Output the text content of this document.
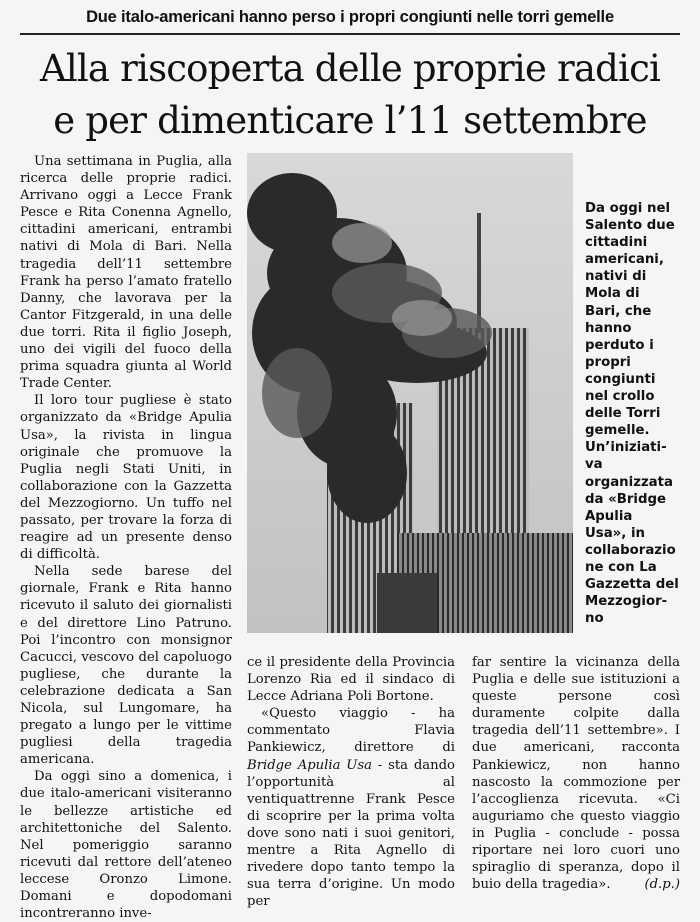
Due italo-americani hanno perso i propri congiunti nelle torri gemelle
Alla riscoperta delle proprie radici
e per dimenticare l’11 settembre

Una settimana in Puglia, alla ricerca delle proprie radici. Arrivano oggi a Lecce Frank Pesce e Rita Conenna Agnello, cittadini americani, entrambi nativi di Mola di Bari. Nella tragedia dell’11 settembre Frank ha perso l’amato fratello Danny, che lavorava per la Cantor Fitzgerald, in una delle due torri. Rita il figlio Joseph, uno dei vigili del fuoco della prima squadra giunta al World Trade Center.

Il loro tour pugliese è stato organizzato da «Bridge Apulia Usa», la rivista in lingua originale che promuove la Puglia negli Stati Uniti, in collaborazione con la Gazzetta del Mezzogiorno. Un tuffo nel passato, per trovare la forza di reagire ad un presente denso di difficoltà.

Nella sede barese del giornale, Frank e Rita hanno ricevuto il saluto dei giornalisti e del direttore Lino Patruno. Poi l’incontro con monsignor Cacucci, vescovo del capoluogo pugliese, che durante la celebrazione dedicata a San Nicola, sul Lungomare, ha pregato a lungo per le vittime pugliesi della tragedia americana.

Da oggi sino a domenica, i due italo-americani visiteranno le bellezze artistiche ed architettoniche del Salento. Nel pomeriggio saranno ricevuti dal rettore dell’ateneo leccese Oronzo Limone. Domani e dopodomani incontreranno inve-

Da oggi nel
Salento due
cittadini
americani,
nativi di
Mola di
Bari, che
hanno
perduto i
propri
congiunti
nel crollo
delle Torri
gemelle.
Un’iniziati-
va
organizzata
da «Bridge
Apulia
Usa», in
collaborazio
ne con La
Gazzetta del
Mezzogior-
no

ce il presidente della Provincia Lorenzo Ria ed il sindaco di Lecce Adriana Poli Bortone.

«Questo viaggio - ha commentato Flavia Pankiewicz, direttore di Bridge Apulia Usa - sta dando l’opportunità al ventiquattrenne Frank Pesce di scoprire per la prima volta dove sono nati i suoi genitori, mentre a Rita Agnello di rivedere dopo tanto tempo la sua terra d’origine. Un modo per

far sentire la vicinanza della Puglia e delle sue istituzioni a queste persone così duramente colpite dalla tragedia dell’11 settembre». I due americani, racconta Pankiewicz, non hanno nascosto la commozione per l’accoglienza ricevuta. «Ci auguriamo che questo viaggio in Puglia - conclude - possa riportare nei loro cuori uno spiraglio di speranza, dopo il buio della tragedia».	(d.p.)
